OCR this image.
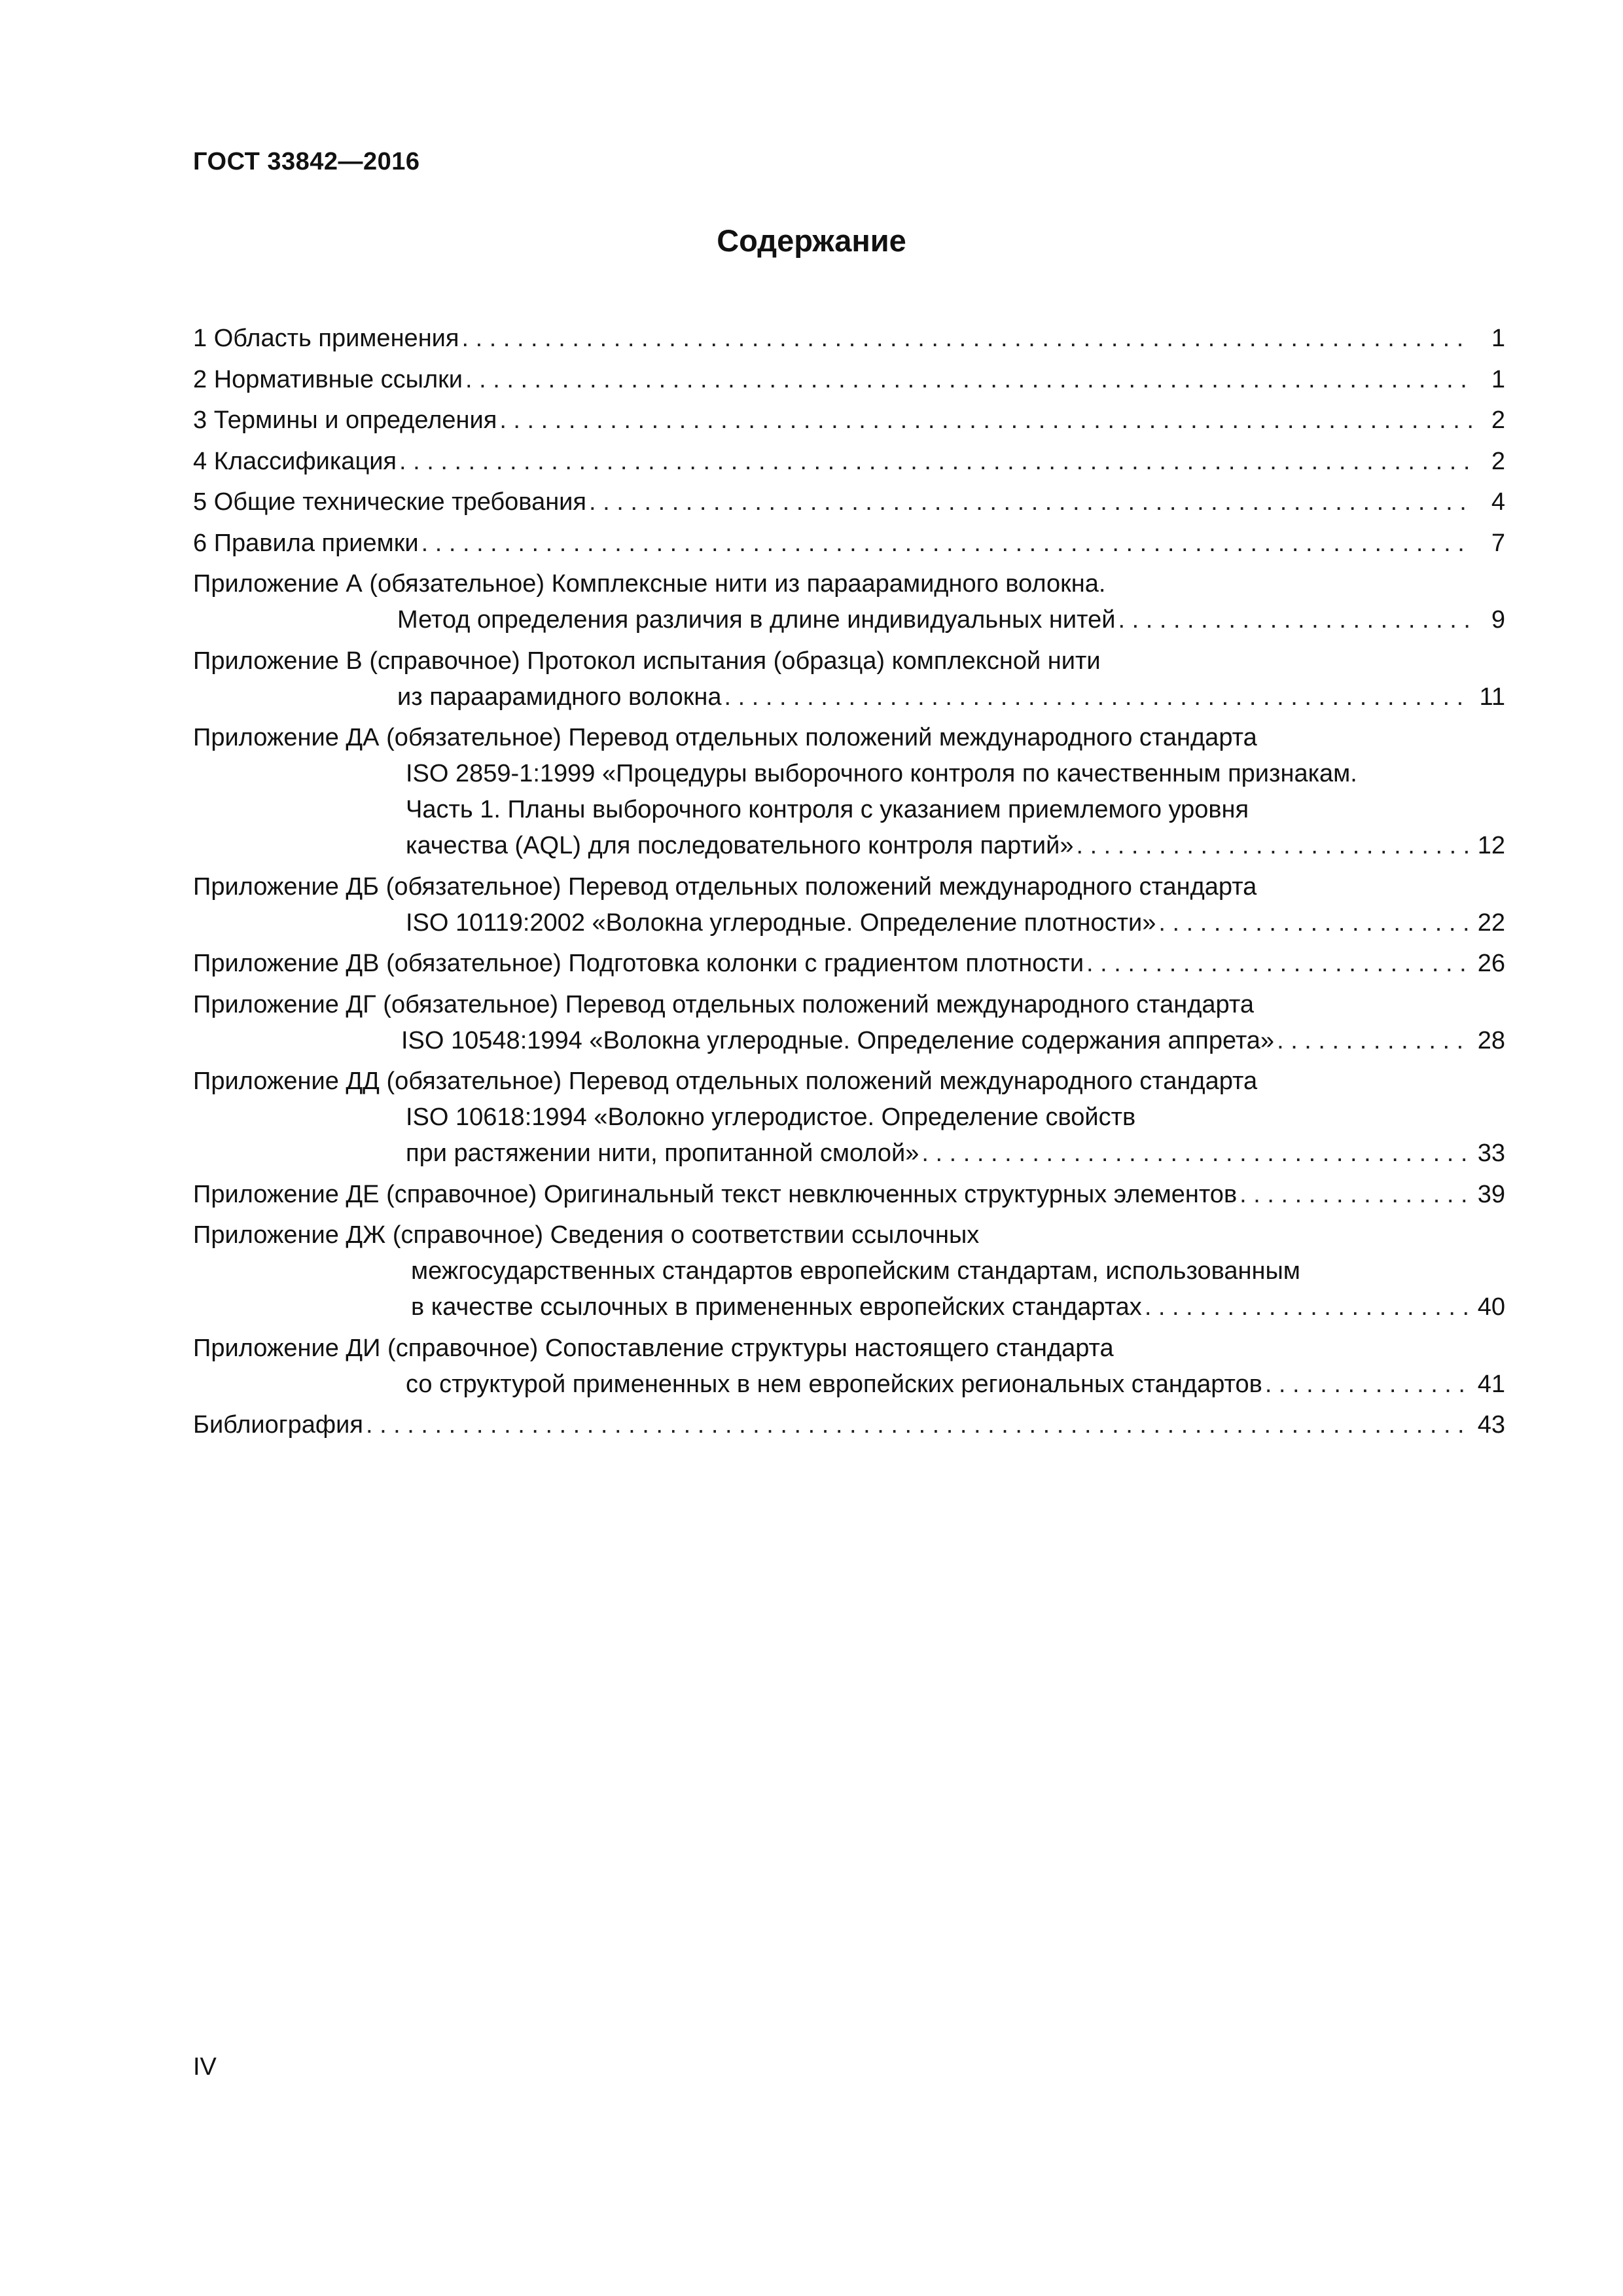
ГОСТ 33842—2016
Содержание
1 Область применения . . .	1
2 Нормативные ссылки . . .	1
3 Термины и определения . . .	2
4 Классификация . . .	2
5 Общие технические требования . . .	4
6 Правила приемки . . .	7
Приложение А (обязательное) Комплексные нити из параарамидного волокна.
Метод определения различия в длине индивидуальных нитей . . .	9
Приложение В (справочное) Протокол испытания (образца) комплексной нити
из параарамидного волокна . . .	11
Приложение ДА (обязательное) Перевод отдельных положений международного стандарта
ISO 2859-1:1999 «Процедуры выборочного контроля по качественным признакам.
Часть 1. Планы выборочного контроля с указанием приемлемого уровня
качества (AQL) для последовательного контроля партий» . . .	12
Приложение ДБ (обязательное) Перевод отдельных положений международного стандарта
ISO 10119:2002 «Волокна углеродные. Определение плотности» . . .	22
Приложение ДВ (обязательное) Подготовка колонки с градиентом плотности . . .	26
Приложение ДГ (обязательное) Перевод отдельных положений международного стандарта
ISO 10548:1994 «Волокна углеродные. Определение содержания аппрета» . . .	28
Приложение ДД (обязательное) Перевод отдельных положений международного стандарта
ISO 10618:1994 «Волокно углеродистое. Определение свойств
при растяжении нити, пропитанной смолой» . . .	33
Приложение ДЕ (справочное) Оригинальный текст невключенных структурных элементов . . .	39
Приложение ДЖ (справочное) Сведения о соответствии ссылочных
межгосударственных стандартов европейским стандартам, использованным
в качестве ссылочных в примененных европейских стандартах . . .	40
Приложение ДИ (справочное) Сопоставление структуры настоящего стандарта
со структурой примененных в нем европейских региональных стандартов . . .	41
Библиография . . .	43
IV
